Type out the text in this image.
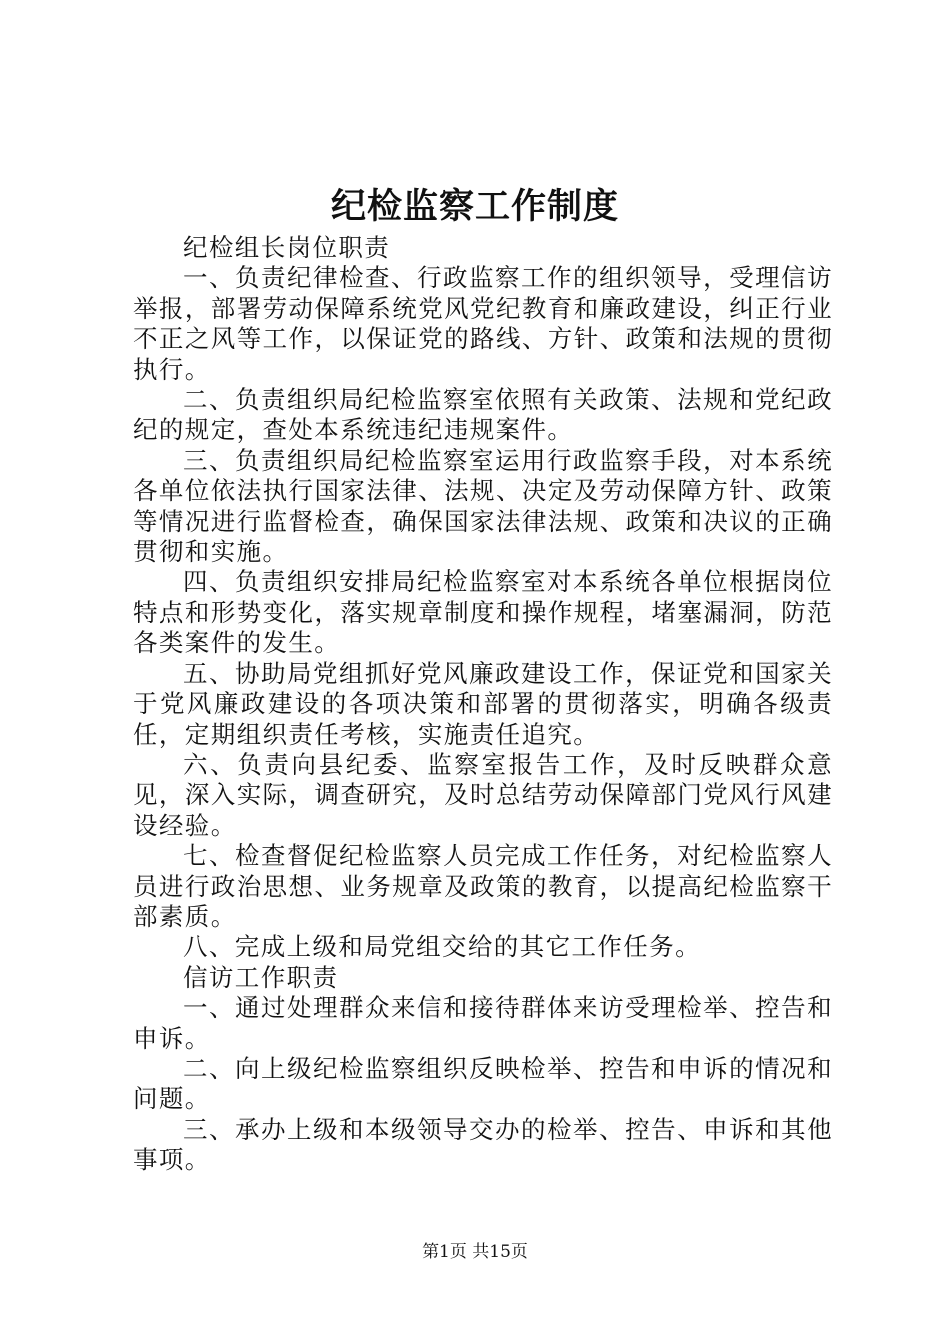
纪检监察工作制度

纪检组长岗位职责

一、负责纪律检查、行政监察工作的组织领导，受理信访举报，部署劳动保障系统党风党纪教育和廉政建设，纠正行业不正之风等工作，以保证党的路线、方针、政策和法规的贯彻执行。

二、负责组织局纪检监察室依照有关政策、法规和党纪政纪的规定，查处本系统违纪违规案件。

三、负责组织局纪检监察室运用行政监察手段，对本系统各单位依法执行国家法律、法规、决定及劳动保障方针、政策等情况进行监督检查，确保国家法律法规、政策和决议的正确贯彻和实施。

四、负责组织安排局纪检监察室对本系统各单位根据岗位特点和形势变化，落实规章制度和操作规程，堵塞漏洞，防范各类案件的发生。

五、协助局党组抓好党风廉政建设工作，保证党和国家关于党风廉政建设的各项决策和部署的贯彻落实，明确各级责任，定期组织责任考核，实施责任追究。

六、负责向县纪委、监察室报告工作，及时反映群众意见，深入实际，调查研究，及时总结劳动保障部门党风行风建设经验。

七、检查督促纪检监察人员完成工作任务，对纪检监察人员进行政治思想、业务规章及政策的教育，以提高纪检监察干部素质。

八、完成上级和局党组交给的其它工作任务。

信访工作职责

一、通过处理群众来信和接待群体来访受理检举、控告和申诉。

二、向上级纪检监察组织反映检举、控告和申诉的情况和问题。

三、承办上级和本级领导交办的检举、控告、申诉和其他事项。

第1页 共15页
